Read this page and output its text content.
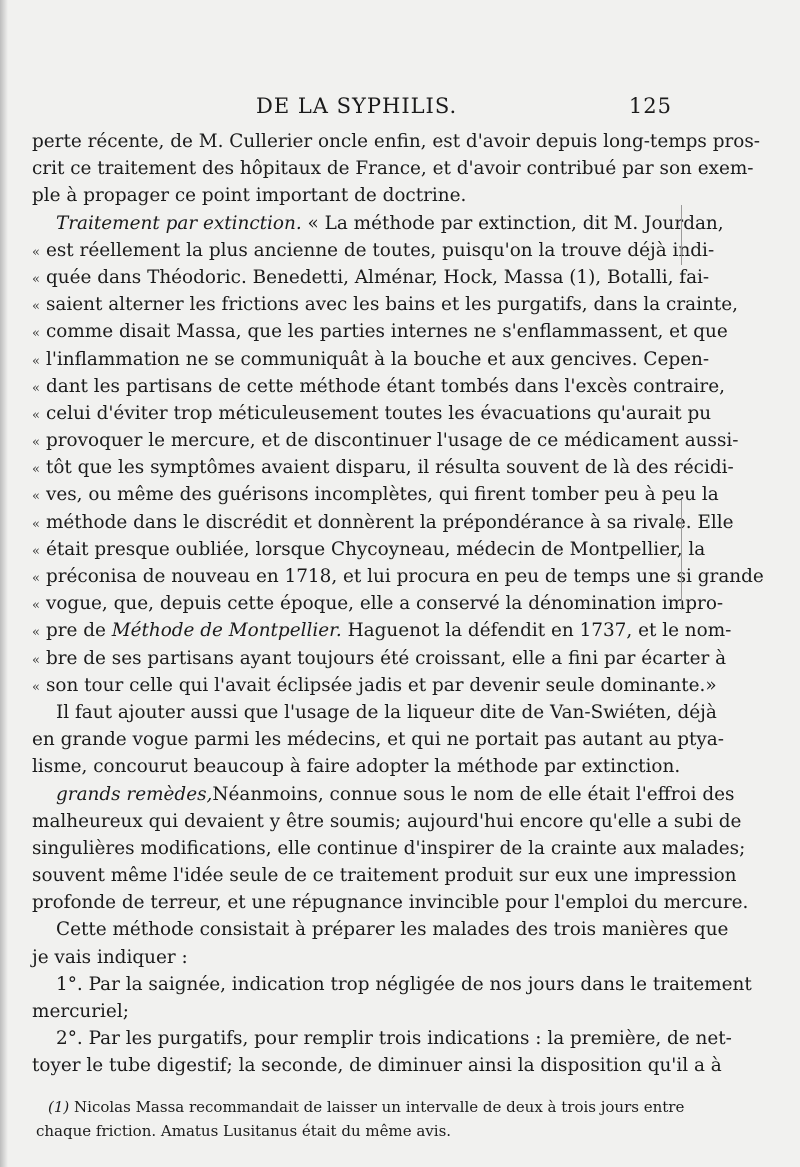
DE LA SYPHILIS.	125
perte récente, de M. Cullerier oncle enfin, est d'avoir depuis long-temps pros-
crit ce traitement des hôpitaux de France, et d'avoir contribué par son exem-
ple à propager ce point important de doctrine.
Traitement par extinction. « La méthode par extinction, dit M. Jourdan,
« est réellement la plus ancienne de toutes, puisqu'on la trouve déjà indi-
« quée dans Théodoric. Benedetti, Alménar, Hock, Massa (1), Botalli, fai-
« saient alterner les frictions avec les bains et les purgatifs, dans la crainte,
« comme disait Massa, que les parties internes ne s'enflammassent, et que
« l'inflammation ne se communiquât à la bouche et aux gencives. Cepen-
« dant les partisans de cette méthode étant tombés dans l'excès contraire,
« celui d'éviter trop méticuleusement toutes les évacuations qu'aurait pu
« provoquer le mercure, et de discontinuer l'usage de ce médicament aussi-
« tôt que les symptômes avaient disparu, il résulta souvent de là des récidi-
« ves, ou même des guérisons incomplètes, qui firent tomber peu à peu la
« méthode dans le discrédit et donnèrent la prépondérance à sa rivale. Elle
« était presque oubliée, lorsque Chycoyneau, médecin de Montpellier, la
« préconisa de nouveau en 1718, et lui procura en peu de temps une si grande
« vogue, que, depuis cette époque, elle a conservé la dénomination impro-
« pre de Méthode de Montpellier. Haguenot la défendit en 1737, et le nom-
« bre de ses partisans ayant toujours été croissant, elle a fini par écarter à
« son tour celle qui l'avait éclipsée jadis et par devenir seule dominante.»
Il faut ajouter aussi que l'usage de la liqueur dite de Van-Swiéten, déjà
en grande vogue parmi les médecins, et qui ne portait pas autant au ptya-
lisme, concourut beaucoup à faire adopter la méthode par extinction.
grands remèdes,Néanmoins, connue sous le nom de elle était l'effroi des
malheureux qui devaient y être soumis; aujourd'hui encore qu'elle a subi de
singulières modifications, elle continue d'inspirer de la crainte aux malades;
souvent même l'idée seule de ce traitement produit sur eux une impression
profonde de terreur, et une répugnance invincible pour l'emploi du mercure.
Cette méthode consistait à préparer les malades des trois manières que
je vais indiquer :
1°. Par la saignée, indication trop négligée de nos jours dans le traitement
mercuriel;
2°. Par les purgatifs, pour remplir trois indications : la première, de net-
toyer le tube digestif; la seconde, de diminuer ainsi la disposition qu'il a à
(1) Nicolas Massa recommandait de laisser un intervalle de deux à trois jours entre
chaque friction. Amatus Lusitanus était du même avis.
